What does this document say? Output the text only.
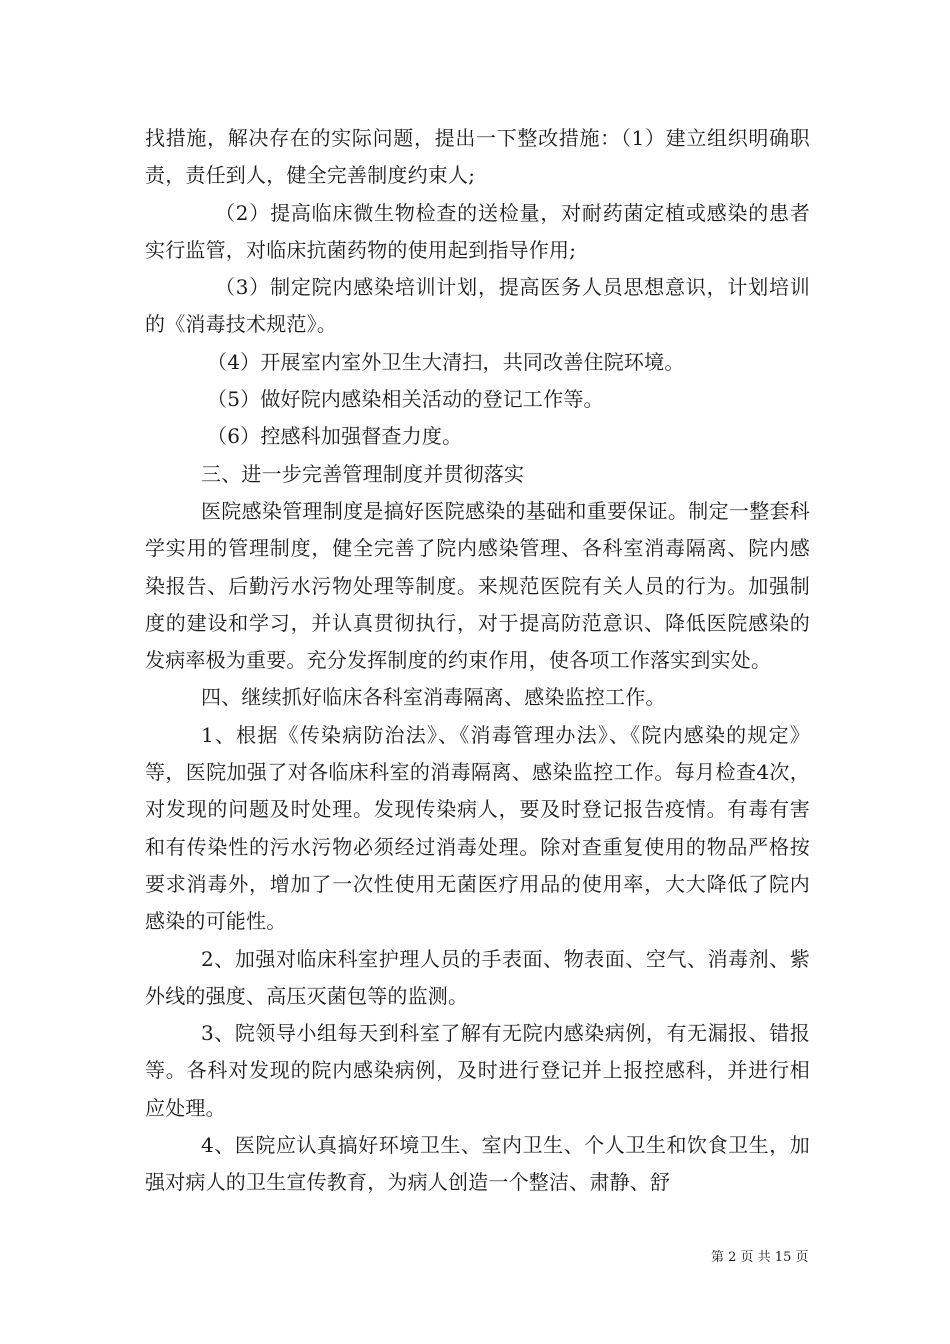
找措施，解决存在的实际问题，提出一下整改措施：（1）建立组织明确职责，责任到人，健全完善制度约束人;

（2）提高临床微生物检查的送检量，对耐药菌定植或感染的患者实行监管，对临床抗菌药物的使用起到指导作用;

（3）制定院内感染培训计划，提高医务人员思想意识，计划培训的《消毒技术规范》。

（4）开展室内室外卫生大清扫，共同改善住院环境。

（5）做好院内感染相关活动的登记工作等。

（6）控感科加强督查力度。

三、进一步完善管理制度并贯彻落实

医院感染管理制度是搞好医院感染的基础和重要保证。制定一整套科学实用的管理制度，健全完善了院内感染管理、各科室消毒隔离、院内感染报告、后勤污水污物处理等制度。来规范医院有关人员的行为。加强制度的建设和学习，并认真贯彻执行，对于提高防范意识、降低医院感染的发病率极为重要。充分发挥制度的约束作用，使各项工作落实到实处。

四、继续抓好临床各科室消毒隔离、感染监控工作。

1、根据《传染病防治法》、《消毒管理办法》、《院内感染的规定》等，医院加强了对各临床科室的消毒隔离、感染监控工作。每月检查4次，对发现的问题及时处理。发现传染病人，要及时登记报告疫情。有毒有害和有传染性的污水污物必须经过消毒处理。除对查重复使用的物品严格按要求消毒外，增加了一次性使用无菌医疗用品的使用率，大大降低了院内感染的可能性。

2、加强对临床科室护理人员的手表面、物表面、空气、消毒剂、紫外线的强度、高压灭菌包等的监测。

3、院领导小组每天到科室了解有无院内感染病例，有无漏报、错报等。各科对发现的院内感染病例，及时进行登记并上报控感科，并进行相应处理。

4、医院应认真搞好环境卫生、室内卫生、个人卫生和饮食卫生，加强对病人的卫生宣传教育，为病人创造一个整洁、肃静、舒

第 2 页 共 15 页
